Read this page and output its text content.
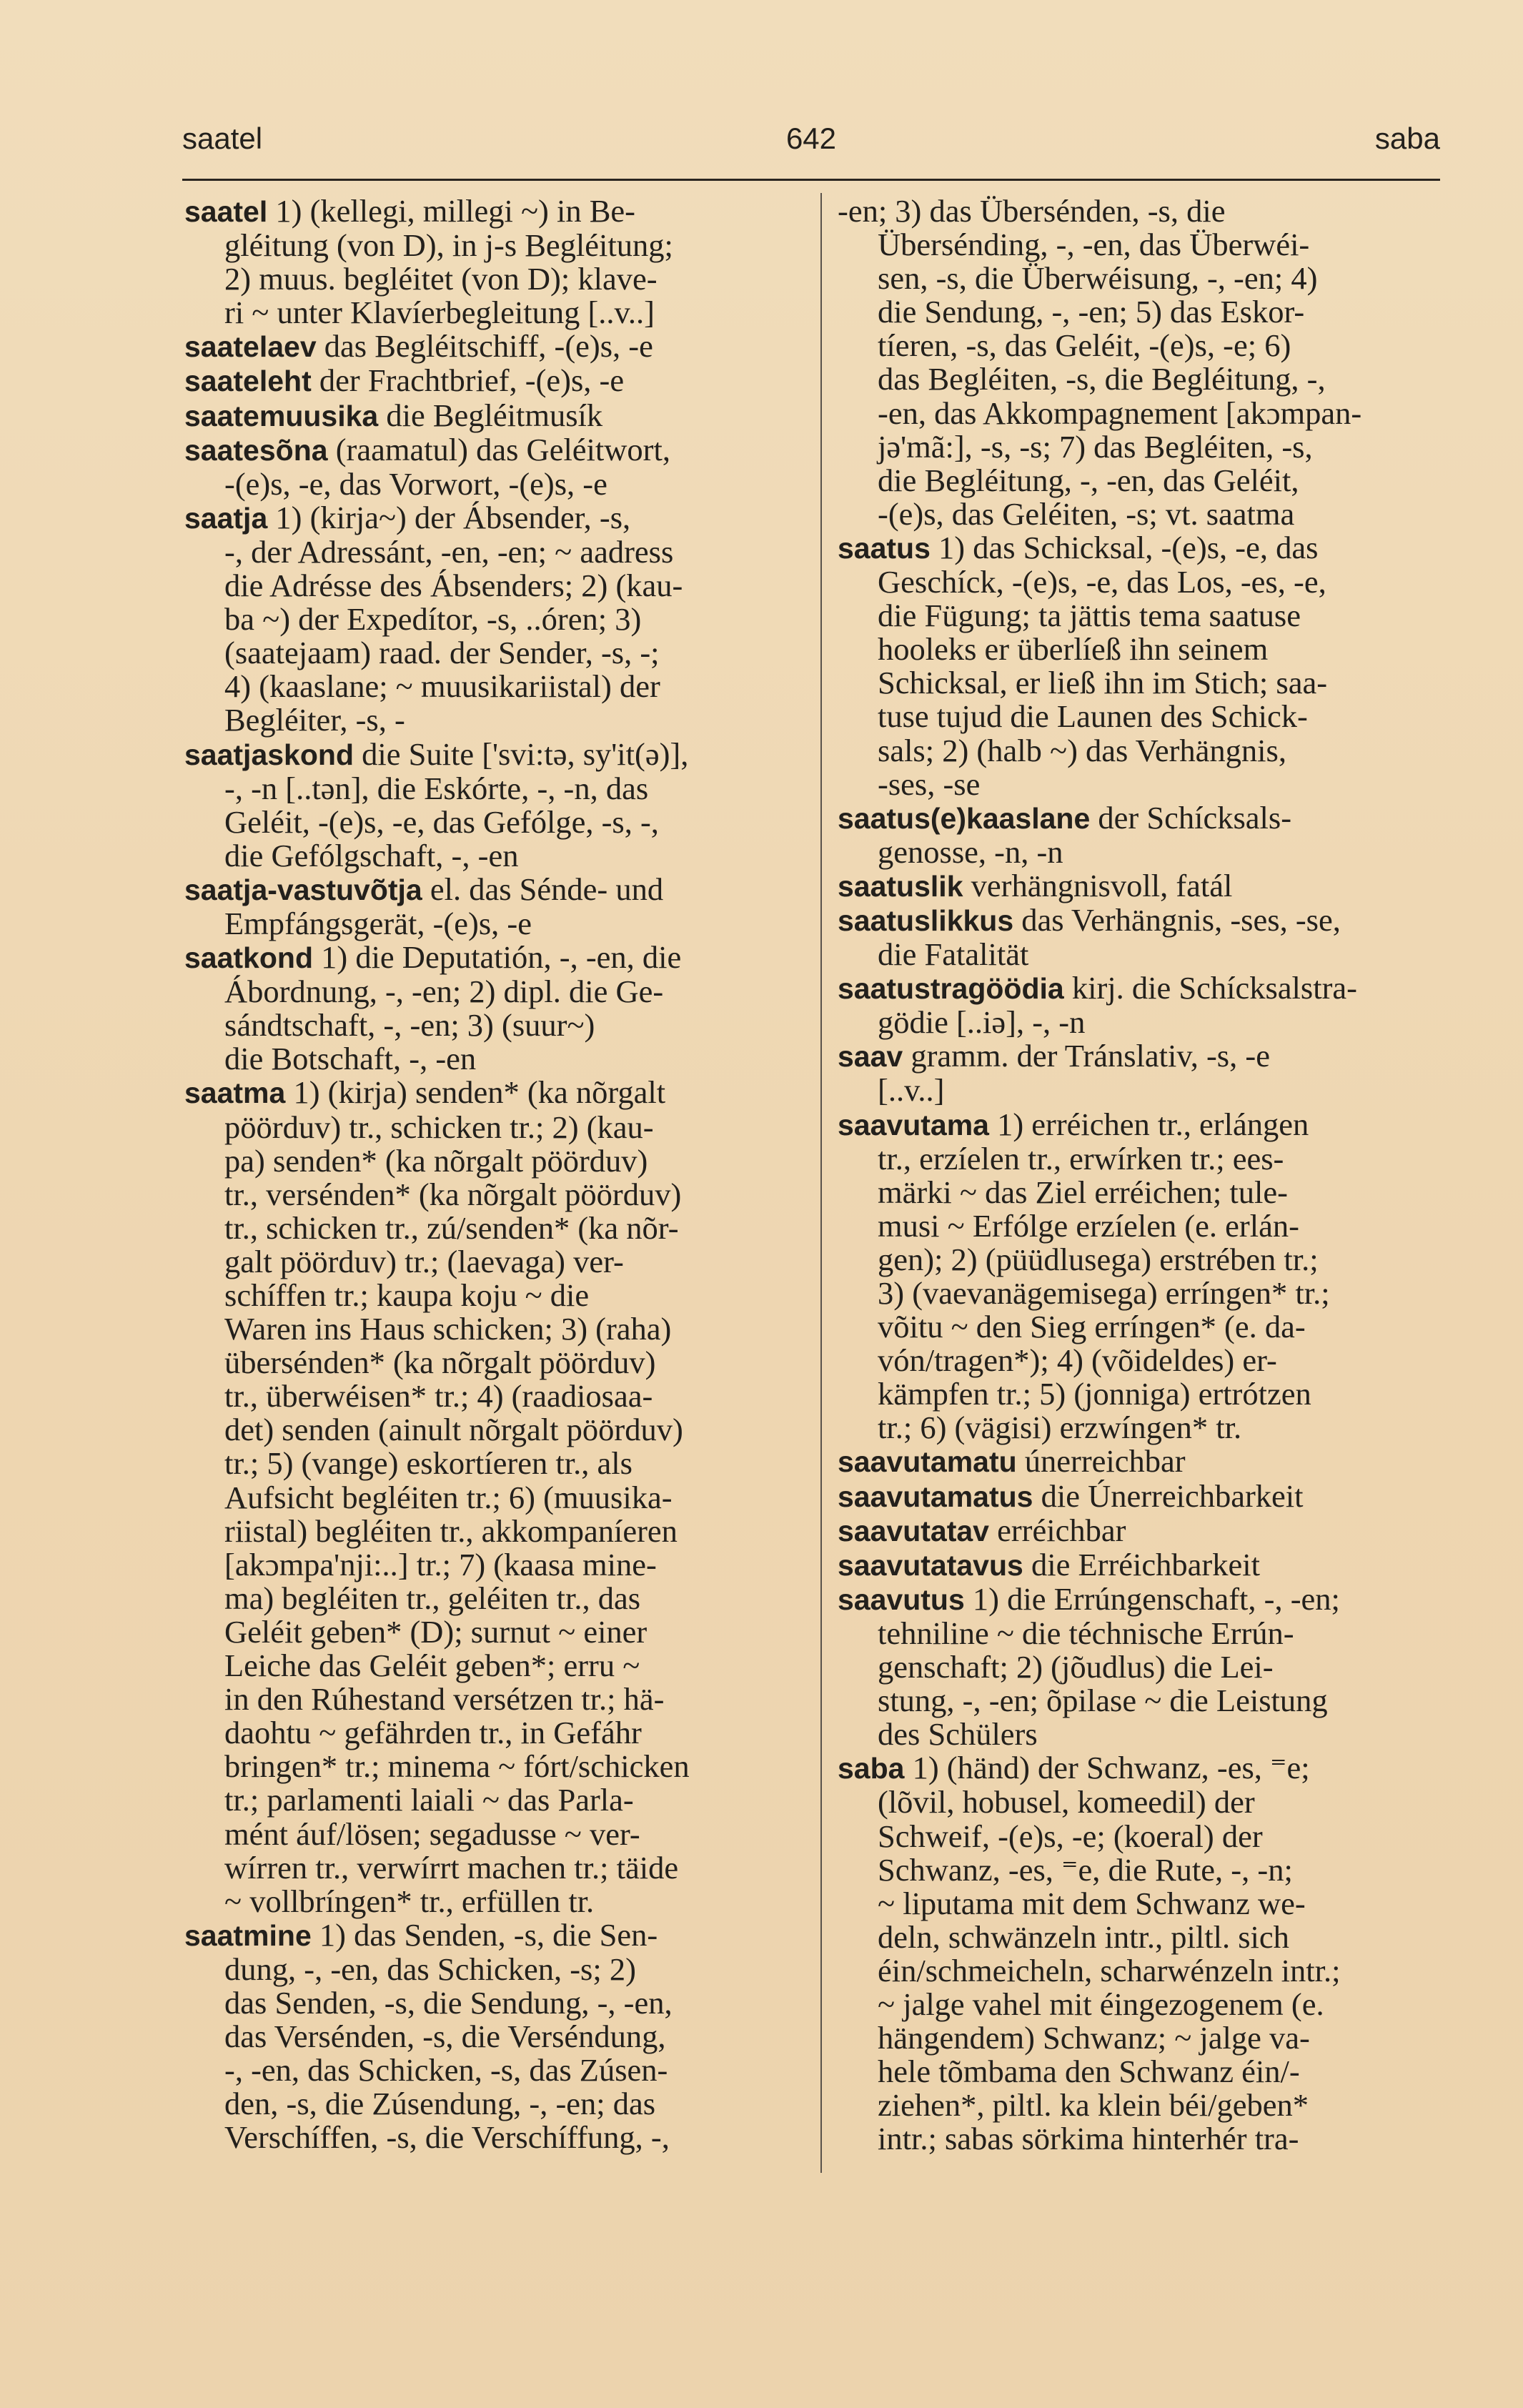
saatel	642	saba
saatel 1) (kellegi, millegi ~) in Be-
gléitung (von D), in j-s Begléitung;
2) muus. begléitet (von D); klave-
ri ~ unter Klavíerbegleitung [..v..]
saatelaev das Begléitschiff, -(e)s, -e
saateleht der Frachtbrief, -(e)s, -e
saatemuusika die Begléitmusík
saatesõna (raamatul) das Geléitwort,
-(e)s, -e, das Vorwort, -(e)s, -e
saatja 1) (kirja~) der Ábsender, -s,
-, der Adressánt, -en, -en; ~ aadress
die Adrésse des Ábsenders; 2) (kau-
ba ~) der Expedítor, -s, ..óren; 3)
(saatejaam) raad. der Sender, -s, -;
4) (kaaslane; ~ muusikariistal) der
Begléiter, -s, -
saatjaskond die Suite ['svi:tə, sy'it(ə)],
-, -n [..tən], die Eskórte, -, -n, das
Geléit, -(e)s, -e, das Gefólge, -s, -,
die Gefólgschaft, -, -en
saatja-vastuvõtja el. das Sénde- und
Empfángsgerät, -(e)s, -e
saatkond 1) die Deputatión, -, -en, die
Ábordnung, -, -en; 2) dipl. die Ge-
sándtschaft, -, -en; 3) (suur~)
die Botschaft, -, -en
saatma 1) (kirja) senden* (ka nõrgalt
pöörduv) tr., schicken tr.; 2) (kau-
pa) senden* (ka nõrgalt pöörduv)
tr., versénden* (ka nõrgalt pöörduv)
tr., schicken tr., zú/senden* (ka nõr-
galt pöörduv) tr.; (laevaga) ver-
schíffen tr.; kaupa koju ~ die
Waren ins Haus schicken; 3) (raha)
übersénden* (ka nõrgalt pöörduv)
tr., überwéisen* tr.; 4) (raadiosaa-
det) senden (ainult nõrgalt pöörduv)
tr.; 5) (vange) eskortíeren tr., als
Aufsicht begléiten tr.; 6) (muusika-
riistal) begléiten tr., akkompaníeren
[akɔmpa'nji:..] tr.; 7) (kaasa mine-
ma) begléiten tr., geléiten tr., das
Geléit geben* (D); surnut ~ einer
Leiche das Geléit geben*; erru ~
in den Rúhestand versétzen tr.; hä-
daohtu ~ gefährden tr., in Gefáhr
bringen* tr.; minema ~ fórt/schicken
tr.; parlamenti laiali ~ das Parla-
mént áuf/lösen; segadusse ~ ver-
wírren tr., verwírrt machen tr.; täide
~ vollbríngen* tr., erfüllen tr.
saatmine 1) das Senden, -s, die Sen-
dung, -, -en, das Schicken, -s; 2)
das Senden, -s, die Sendung, -, -en,
das Versénden, -s, die Verséndung,
-, -en, das Schicken, -s, das Zúsen-
den, -s, die Zúsendung, -, -en; das
Verschíffen, -s, die Verschíffung, -,
-en; 3) das Übersénden, -s, die
Übersénding, -, -en, das Überwéi-
sen, -s, die Überwéisung, -, -en; 4)
die Sendung, -, -en; 5) das Eskor-
tíeren, -s, das Geléit, -(e)s, -e; 6)
das Begléiten, -s, die Begléitung, -,
-en, das Akkompagnement [akɔmpan-
jə'mã:], -s, -s; 7) das Begléiten, -s,
die Begléitung, -, -en, das Geléit,
-(e)s, das Geléiten, -s; vt. saatma
saatus 1) das Schicksal, -(e)s, -e, das
Geschíck, -(e)s, -e, das Los, -es, -e,
die Fügung; ta jättis tema saatuse
hooleks er überlíeß ihn seinem
Schicksal, er ließ ihn im Stich; saa-
tuse tujud die Launen des Schick-
sals; 2) (halb ~) das Verhängnis,
-ses, -se
saatus(e)kaaslane der Schícksals-
genosse, -n, -n
saatuslik verhängnisvoll, fatál
saatuslikkus das Verhängnis, -ses, -se,
die Fatalität
saatustragöödia kirj. die Schícksalstra-
gödie [..iə], -, -n
saav gramm. der Tránslativ, -s, -e
[..v..]
saavutama 1) erréichen tr., erlángen
tr., erzíelen tr., erwírken tr.; ees-
märki ~ das Ziel erréichen; tule-
musi ~ Erfólge erzíelen (e. erlán-
gen); 2) (püüdlusega) erstrében tr.;
3) (vaevanägemisega) erríngen* tr.;
võitu ~ den Sieg erríngen* (e. da-
vón/tragen*); 4) (võideldes) er-
kämpfen tr.; 5) (jonniga) ertrótzen
tr.; 6) (vägisi) erzwíngen* tr.
saavutamatu únerreichbar
saavutamatus die Únerreichbarkeit
saavutatav erréichbar
saavutatavus die Erréichbarkeit
saavutus 1) die Errúngenschaft, -, -en;
tehniline ~ die téchnische Errún-
genschaft; 2) (jõudlus) die Lei-
stung, -, -en; õpilase ~ die Leistung
des Schülers
saba 1) (händ) der Schwanz, -es, ⁼e;
(lõvil, hobusel, komeedil) der
Schweif, -(e)s, -e; (koeral) der
Schwanz, -es, ⁼e, die Rute, -, -n;
~ liputama mit dem Schwanz we-
deln, schwänzeln intr., piltl. sich
éin/schmeicheln, scharwénzeln intr.;
~ jalge vahel mit éingezogenem (e.
hängendem) Schwanz; ~ jalge va-
hele tõmbama den Schwanz éin/-
ziehen*, piltl. ka klein béi/geben*
intr.; sabas sörkima hinterhér tra-
